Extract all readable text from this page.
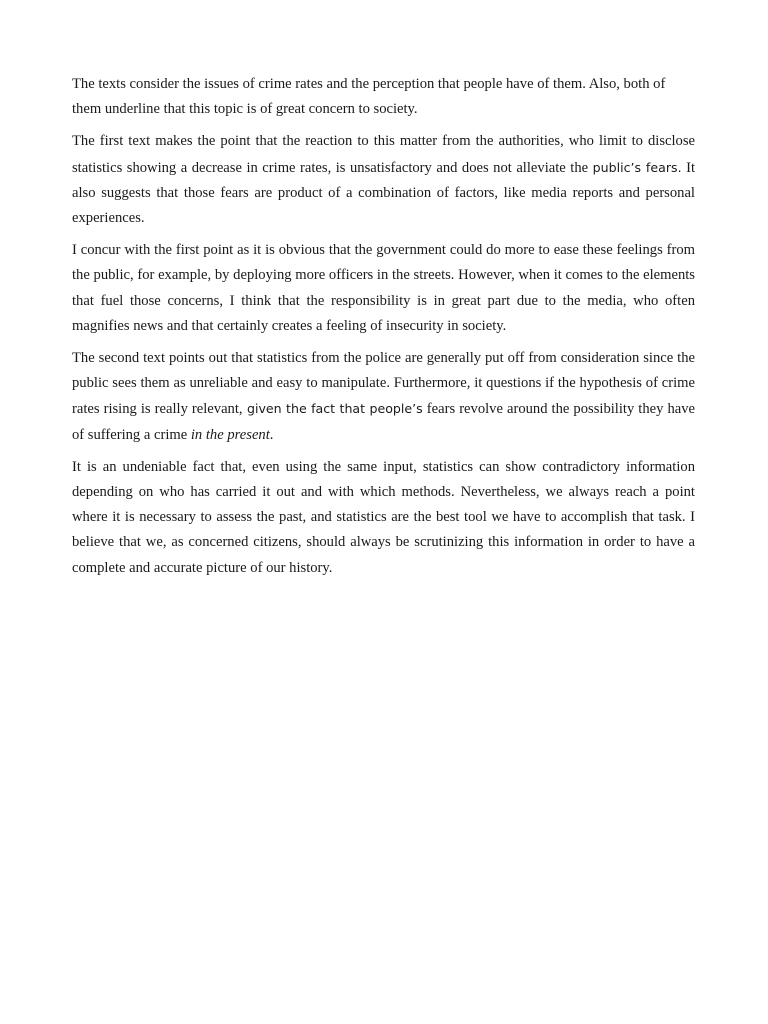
The texts consider the issues of crime rates and the perception that people have of them. Also, both of them underline that this topic is of great concern to society.

The first text makes the point that the reaction to this matter from the authorities, who limit to disclose statistics showing a decrease in crime rates, is unsatisfactory and does not alleviate the public’s fears. It also suggests that those fears are product of a combination of factors, like media reports and personal experiences.

I concur with the first point as it is obvious that the government could do more to ease these feelings from the public, for example, by deploying more officers in the streets. However, when it comes to the elements that fuel those concerns, I think that the responsibility is in great part due to the media, who often magnifies news and that certainly creates a feeling of insecurity in society.

The second text points out that statistics from the police are generally put off from consideration since the public sees them as unreliable and easy to manipulate. Furthermore, it questions if the hypothesis of crime rates rising is really relevant, given the fact that people’s fears revolve around the possibility they have of suffering a crime in the present.

It is an undeniable fact that, even using the same input, statistics can show contradictory information depending on who has carried it out and with which methods. Nevertheless, we always reach a point where it is necessary to assess the past, and statistics are the best tool we have to accomplish that task. I believe that we, as concerned citizens, should always be scrutinizing this information in order to have a complete and accurate picture of our history.
